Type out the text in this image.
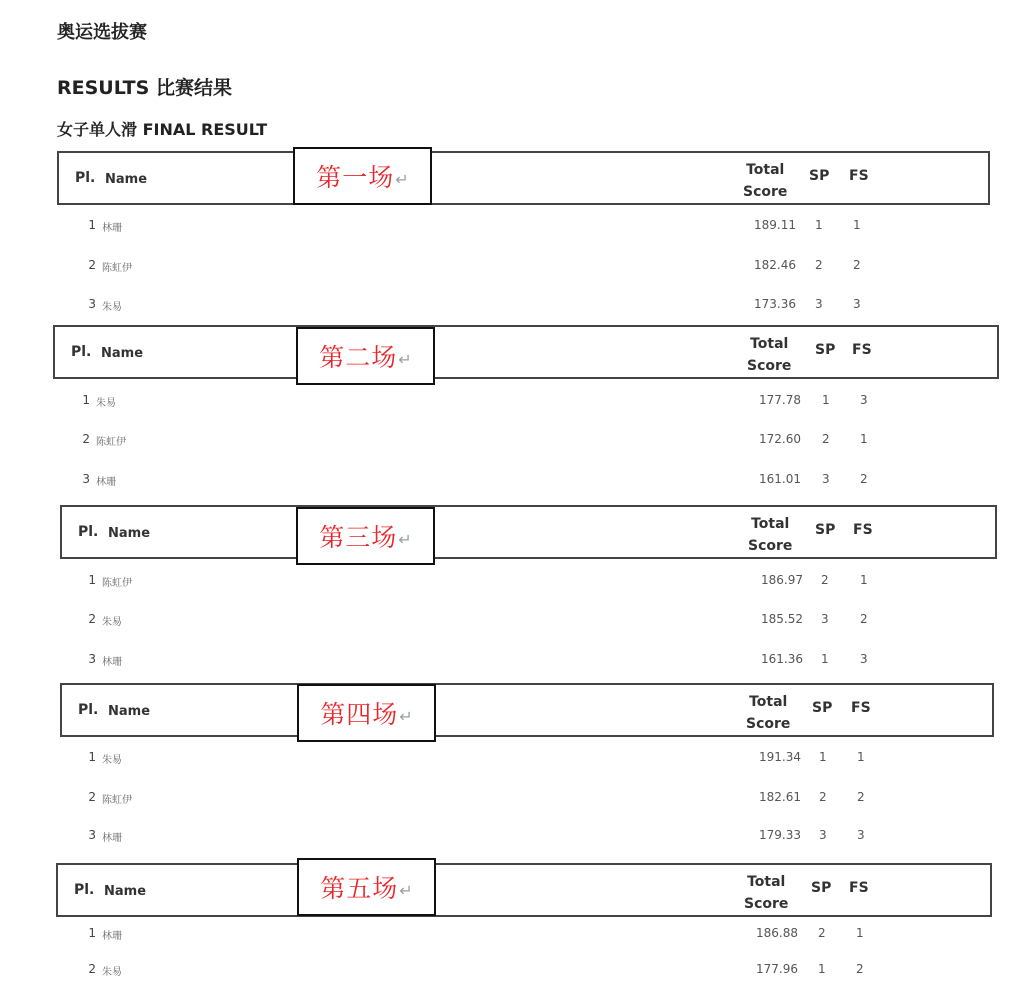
奥运选拔赛
RESULTS 比赛结果
女子单人滑 FINAL RESULT
Pl. Name
Total
Score
SP FS
第一场 ↵
1 林珊	189.11 1	1
2 陈虹伊	182.46 2	2
3 朱易	173.36 3	3
Pl. Name
Total
Score
SP FS
第二场 ↵
1 朱易	177.78 1	3
2 陈虹伊	172.60 2	1
3 林珊	161.01 3	2
Pl. Name
Total
Score
SP FS
第三场 ↵
1 陈虹伊	186.97 2	1
2 朱易	185.52 3	2
3 林珊	161.36 1	3
Pl. Name
Total
Score
SP FS
第四场 ↵
1 朱易	191.34 1	1
2 陈虹伊	182.61 2	2
3 林珊	179.33 3	3
Pl. Name
Total
Score
SP FS
第五场 ↵
1 林珊	186.88 2	1
2 朱易	177.96 1	2
